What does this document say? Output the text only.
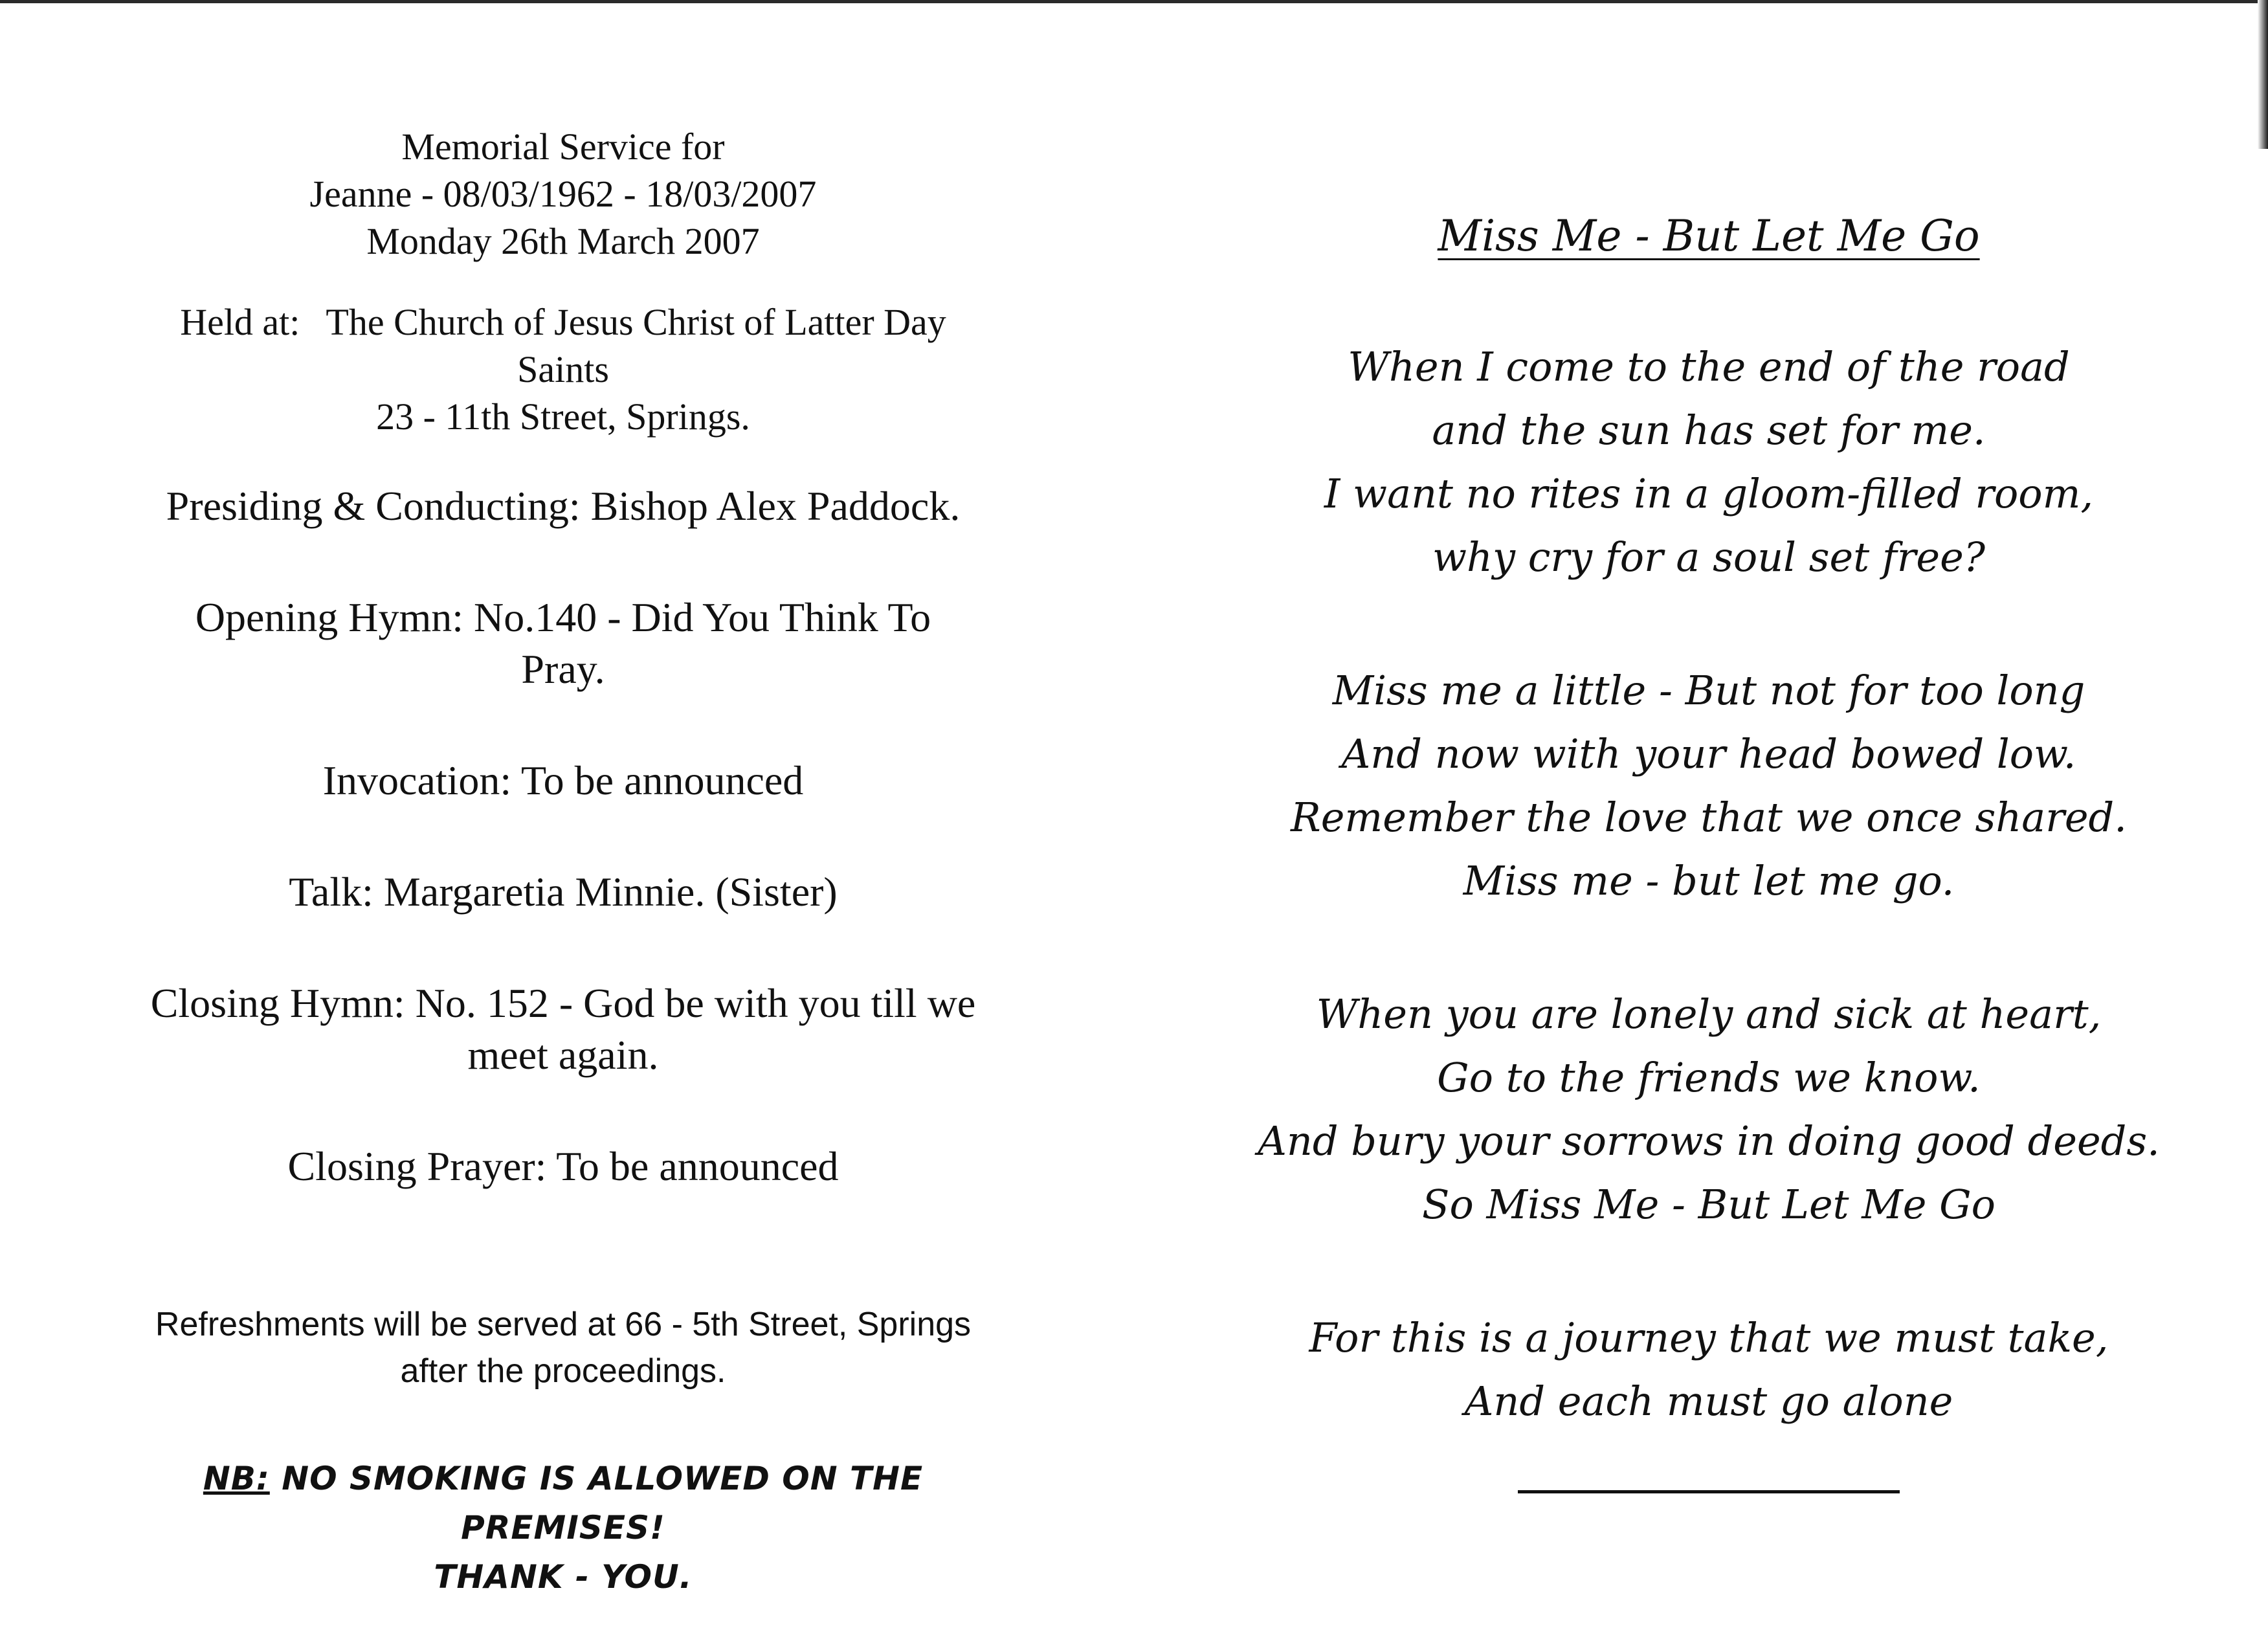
Memorial Service for
Jeanne - 08/03/1962 - 18/03/2007
Monday 26th March 2007
Held at: The Church of Jesus Christ of Latter Day
Saints
23 - 11th Street, Springs.

Presiding & Conducting: Bishop Alex Paddock.

Opening Hymn: No.140 - Did You Think To Pray.

Invocation: To be announced

Talk: Margaretia Minnie. (Sister)

Closing Hymn: No. 152 - God be with you till we meet again.

Closing Prayer: To be announced

Refreshments will be served at 66 - 5th Street, Springs
after the proceedings.
NB: NO SMOKING IS ALLOWED ON THE PREMISES!
THANK - YOU.
Miss Me - But Let Me Go
When I come to the end of the road
and the sun has set for me.
I want no rites in a gloom-filled room,
why cry for a soul set free?
Miss me a little - But not for too long
And now with your head bowed low.
Remember the love that we once shared.
Miss me - but let me go.
When you are lonely and sick at heart,
Go to the friends we know.
And bury your sorrows in doing good deeds.
So Miss Me - But Let Me Go
For this is a journey that we must take,
And each must go alone
